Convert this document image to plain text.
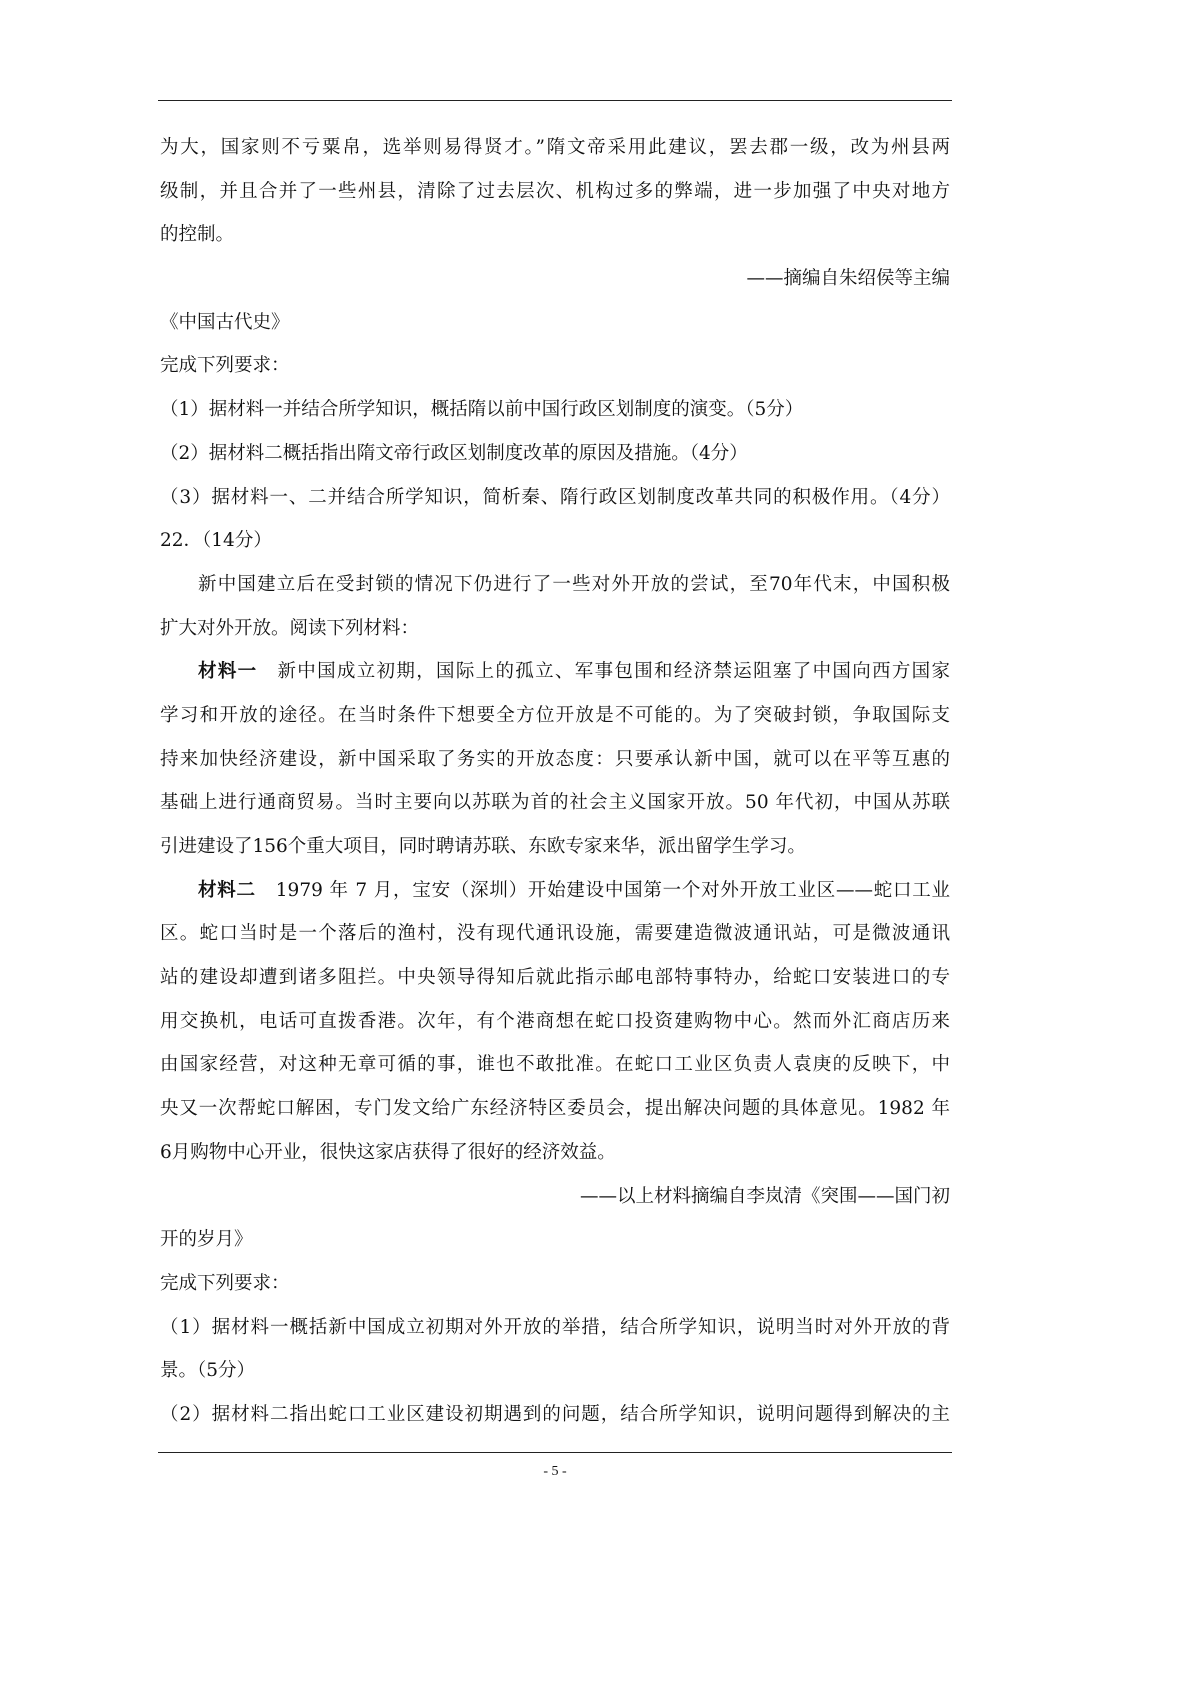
为大，国家则不亏粟帛，选举则易得贤才。”隋文帝采用此建议，罢去郡一级，改为州县两
级制，并且合并了一些州县，清除了过去层次、机构过多的弊端，进一步加强了中央对地方
的控制。
——摘编自朱绍侯等主编
《中国古代史》
完成下列要求：
（1）据材料一并结合所学知识，概括隋以前中国行政区划制度的演变。（5分）
（2）据材料二概括指出隋文帝行政区划制度改革的原因及措施。（4分）
（3）据材料一、二并结合所学知识，简析秦、隋行政区划制度改革共同的积极作用。（4分）
22．（14分）
新中国建立后在受封锁的情况下仍进行了一些对外开放的尝试，至70年代末，中国积极
扩大对外开放。阅读下列材料：
材料一 新中国成立初期，国际上的孤立、军事包围和经济禁运阻塞了中国向西方国家
学习和开放的途径。在当时条件下想要全方位开放是不可能的。为了突破封锁，争取国际支
持来加快经济建设，新中国采取了务实的开放态度：只要承认新中国，就可以在平等互惠的
基础上进行通商贸易。当时主要向以苏联为首的社会主义国家开放。50 年代初，中国从苏联
引进建设了156个重大项目，同时聘请苏联、东欧专家来华，派出留学生学习。
材料二 1979 年 7 月，宝安（深圳）开始建设中国第一个对外开放工业区——蛇口工业
区。蛇口当时是一个落后的渔村，没有现代通讯设施，需要建造微波通讯站，可是微波通讯
站的建设却遭到诸多阻拦。中央领导得知后就此指示邮电部特事特办，给蛇口安装进口的专
用交换机，电话可直拨香港。次年，有个港商想在蛇口投资建购物中心。然而外汇商店历来
由国家经营，对这种无章可循的事，谁也不敢批准。在蛇口工业区负责人袁庚的反映下，中
央又一次帮蛇口解困，专门发文给广东经济特区委员会，提出解决问题的具体意见。1982 年
6月购物中心开业，很快这家店获得了很好的经济效益。
——以上材料摘编自李岚清《突围——国门初
开的岁月》
完成下列要求：
（1）据材料一概括新中国成立初期对外开放的举措，结合所学知识，说明当时对外开放的背
景。（5分）
（2）据材料二指出蛇口工业区建设初期遇到的问题，结合所学知识，说明问题得到解决的主
- 5 -
